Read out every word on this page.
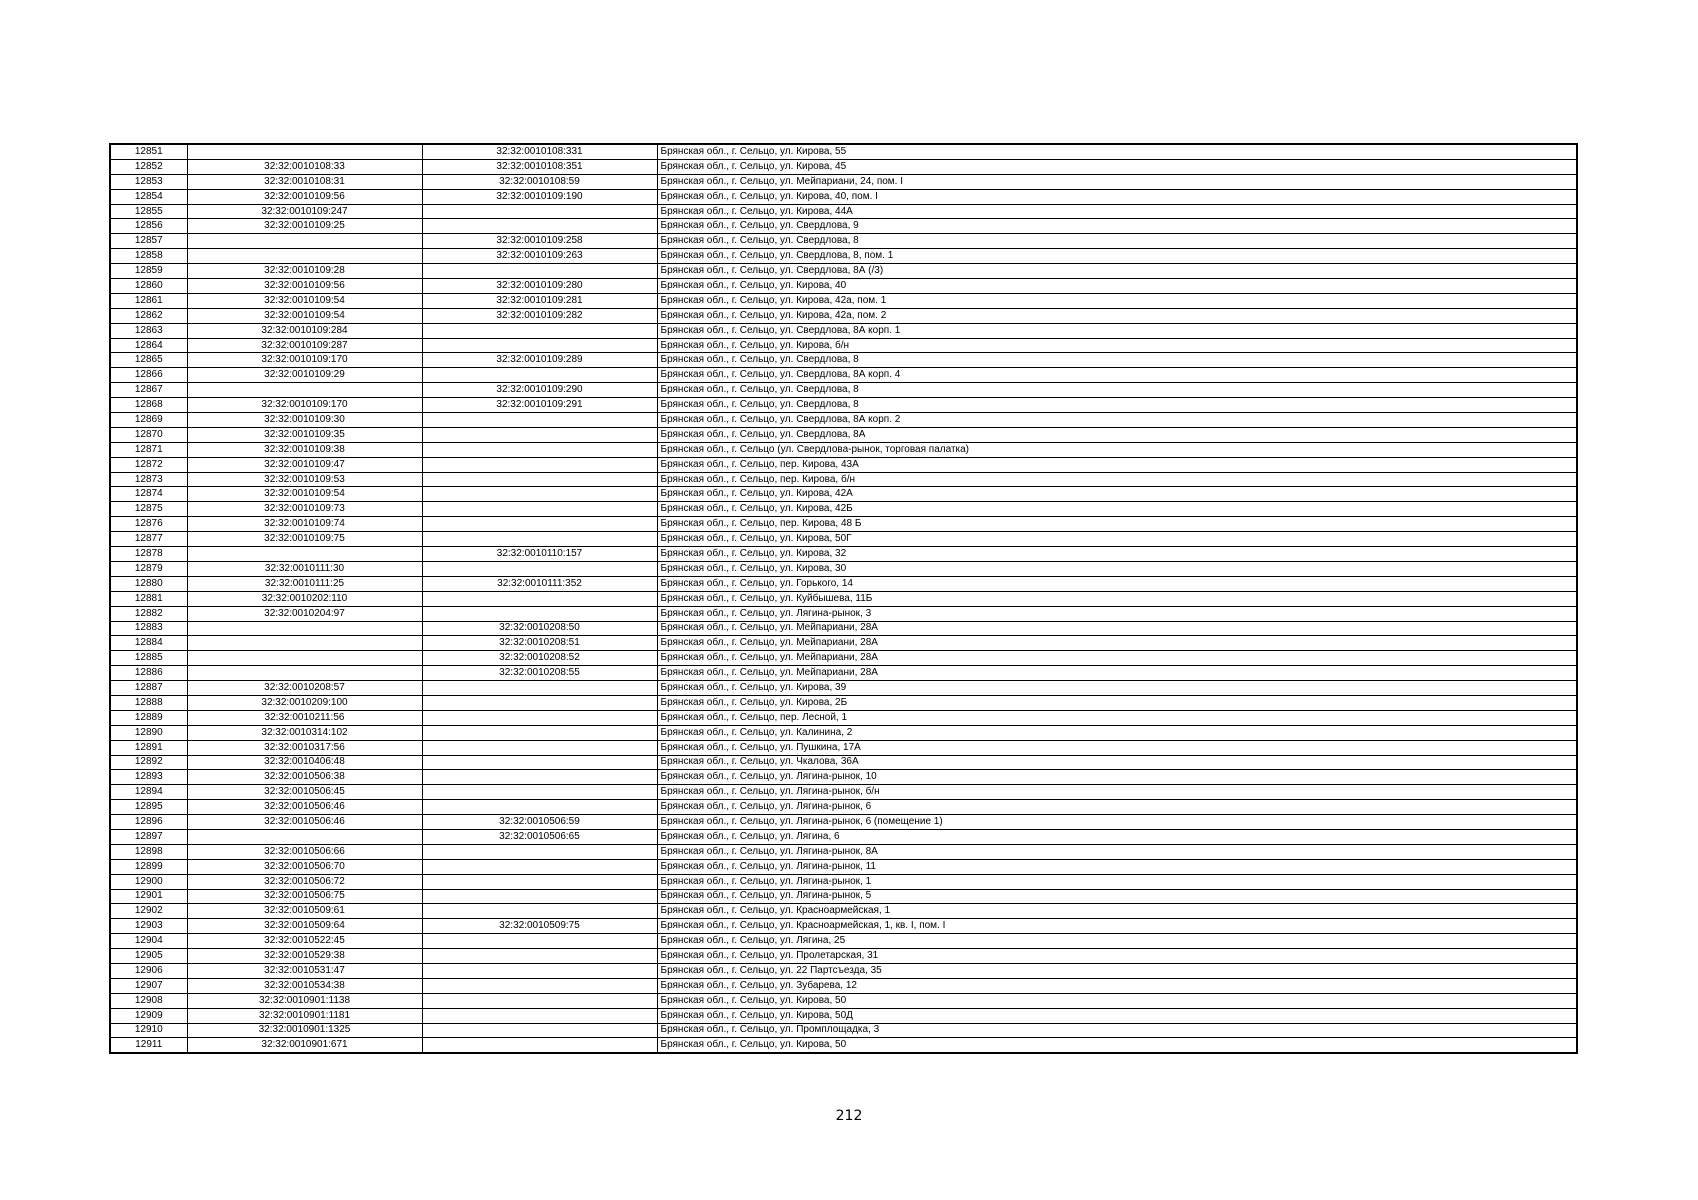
12851		32:32:0010108:331	Брянская обл., г. Сельцо, ул. Кирова, 55
12852	32:32:0010108:33	32:32:0010108:351	Брянская обл., г. Сельцо, ул. Кирова, 45
12853	32:32:0010108:31	32:32:0010108:59	Брянская обл., г. Сельцо, ул. Мейпариани, 24, пом. I
12854	32:32:0010109:56	32:32:0010109:190	Брянская обл., г. Сельцо, ул. Кирова, 40, пом. I
12855	32:32:0010109:247		Брянская обл., г. Сельцо, ул. Кирова, 44А
12856	32:32:0010109:25		Брянская обл., г. Сельцо, ул. Свердлова, 9
12857		32:32:0010109:258	Брянская обл., г. Сельцо, ул. Свердлова, 8
12858		32:32:0010109:263	Брянская обл., г. Сельцо, ул. Свердлова, 8, пом. 1
12859	32:32:0010109:28		Брянская обл., г. Сельцо, ул. Свердлова, 8А (/3)
12860	32:32:0010109:56	32:32:0010109:280	Брянская обл., г. Сельцо, ул. Кирова, 40
12861	32:32:0010109:54	32:32:0010109:281	Брянская обл., г. Сельцо, ул. Кирова, 42а, пом. 1
12862	32:32:0010109:54	32:32:0010109:282	Брянская обл., г. Сельцо, ул. Кирова, 42а, пом. 2
12863	32:32:0010109:284		Брянская обл., г. Сельцо, ул. Свердлова, 8А корп. 1
12864	32:32:0010109:287		Брянская обл., г. Сельцо, ул. Кирова, б/н
12865	32:32:0010109:170	32:32:0010109:289	Брянская обл., г. Сельцо, ул. Свердлова, 8
12866	32:32:0010109:29		Брянская обл., г. Сельцо, ул. Свердлова, 8А корп. 4
12867		32:32:0010109:290	Брянская обл., г. Сельцо, ул. Свердлова, 8
12868	32:32:0010109:170	32:32:0010109:291	Брянская обл., г. Сельцо, ул. Свердлова, 8
12869	32:32:0010109:30		Брянская обл., г. Сельцо, ул. Свердлова, 8А корп. 2
12870	32:32:0010109:35		Брянская обл., г. Сельцо, ул. Свердлова, 8А
12871	32:32:0010109:38		Брянская обл., г. Сельцо (ул. Свердлова-рынок, торговая палатка)
12872	32:32:0010109:47		Брянская обл., г. Сельцо, пер. Кирова, 43А
12873	32:32:0010109:53		Брянская обл., г. Сельцо, пер. Кирова, б/н
12874	32:32:0010109:54		Брянская обл., г. Сельцо, ул. Кирова, 42А
12875	32:32:0010109:73		Брянская обл., г. Сельцо, ул. Кирова, 42Б
12876	32:32:0010109:74		Брянская обл., г. Сельцо, пер. Кирова, 48 Б
12877	32:32:0010109:75		Брянская обл., г. Сельцо, ул. Кирова, 50Г
12878		32:32:0010110:157	Брянская обл., г. Сельцо, ул. Кирова, 32
12879	32:32:0010111:30		Брянская обл., г. Сельцо, ул. Кирова, 30
12880	32:32:0010111:25	32:32:0010111:352	Брянская обл., г. Сельцо, ул. Горького, 14
12881	32:32:0010202:110		Брянская обл., г. Сельцо, ул. Куйбышева, 11Б
12882	32:32:0010204:97		Брянская обл., г. Сельцо, ул. Лягина-рынок, 3
12883		32:32:0010208:50	Брянская обл., г. Сельцо, ул. Мейпариани, 28А
12884		32:32:0010208:51	Брянская обл., г. Сельцо, ул. Мейпариани, 28А
12885		32:32:0010208:52	Брянская обл., г. Сельцо, ул. Мейпариани, 28А
12886		32:32:0010208:55	Брянская обл., г. Сельцо, ул. Мейпариани, 28А
12887	32:32:0010208:57		Брянская обл., г. Сельцо, ул. Кирова, 39
12888	32:32:0010209:100		Брянская обл., г. Сельцо, ул. Кирова, 2Б
12889	32:32:0010211:56		Брянская обл., г. Сельцо, пер. Лесной, 1
12890	32:32:0010314:102		Брянская обл., г. Сельцо, ул. Калинина, 2
12891	32:32:0010317:56		Брянская обл., г. Сельцо, ул. Пушкина, 17А
12892	32:32:0010406:48		Брянская обл., г. Сельцо, ул. Чкалова, 36А
12893	32:32:0010506:38		Брянская обл., г. Сельцо, ул. Лягина-рынок, 10
12894	32:32:0010506:45		Брянская обл., г. Сельцо, ул. Лягина-рынок, б/н
12895	32:32:0010506:46		Брянская обл., г. Сельцо, ул. Лягина-рынок, 6
12896	32:32:0010506:46	32:32:0010506:59	Брянская обл., г. Сельцо, ул. Лягина-рынок, 6 (помещение 1)
12897		32:32:0010506:65	Брянская обл., г. Сельцо, ул. Лягина, 6
12898	32:32:0010506:66		Брянская обл., г. Сельцо, ул. Лягина-рынок, 8А
12899	32:32:0010506:70		Брянская обл., г. Сельцо, ул. Лягина-рынок, 11
12900	32:32:0010506:72		Брянская обл., г. Сельцо, ул. Лягина-рынок, 1
12901	32:32:0010506:75		Брянская обл., г. Сельцо, ул. Лягина-рынок, 5
12902	32:32:0010509:61		Брянская обл., г. Сельцо, ул. Красноармейская, 1
12903	32:32:0010509:64	32:32:0010509:75	Брянская обл., г. Сельцо, ул. Красноармейская, 1, кв. I, пом. I
12904	32:32:0010522:45		Брянская обл., г. Сельцо, ул. Лягина, 25
12905	32:32:0010529:38		Брянская обл., г. Сельцо, ул. Пролетарская, 31
12906	32:32:0010531:47		Брянская обл., г. Сельцо, ул. 22 Партсъезда, 35
12907	32:32:0010534:38		Брянская обл., г. Сельцо, ул. Зубарева, 12
12908	32:32:0010901:1138		Брянская обл., г. Сельцо, ул. Кирова, 50
12909	32:32:0010901:1181		Брянская обл., г. Сельцо, ул. Кирова, 50Д
12910	32:32:0010901:1325		Брянская обл., г. Сельцо, ул. Промплощадка, 3
12911	32:32:0010901:671		Брянская обл., г. Сельцо, ул. Кирова, 50
212
